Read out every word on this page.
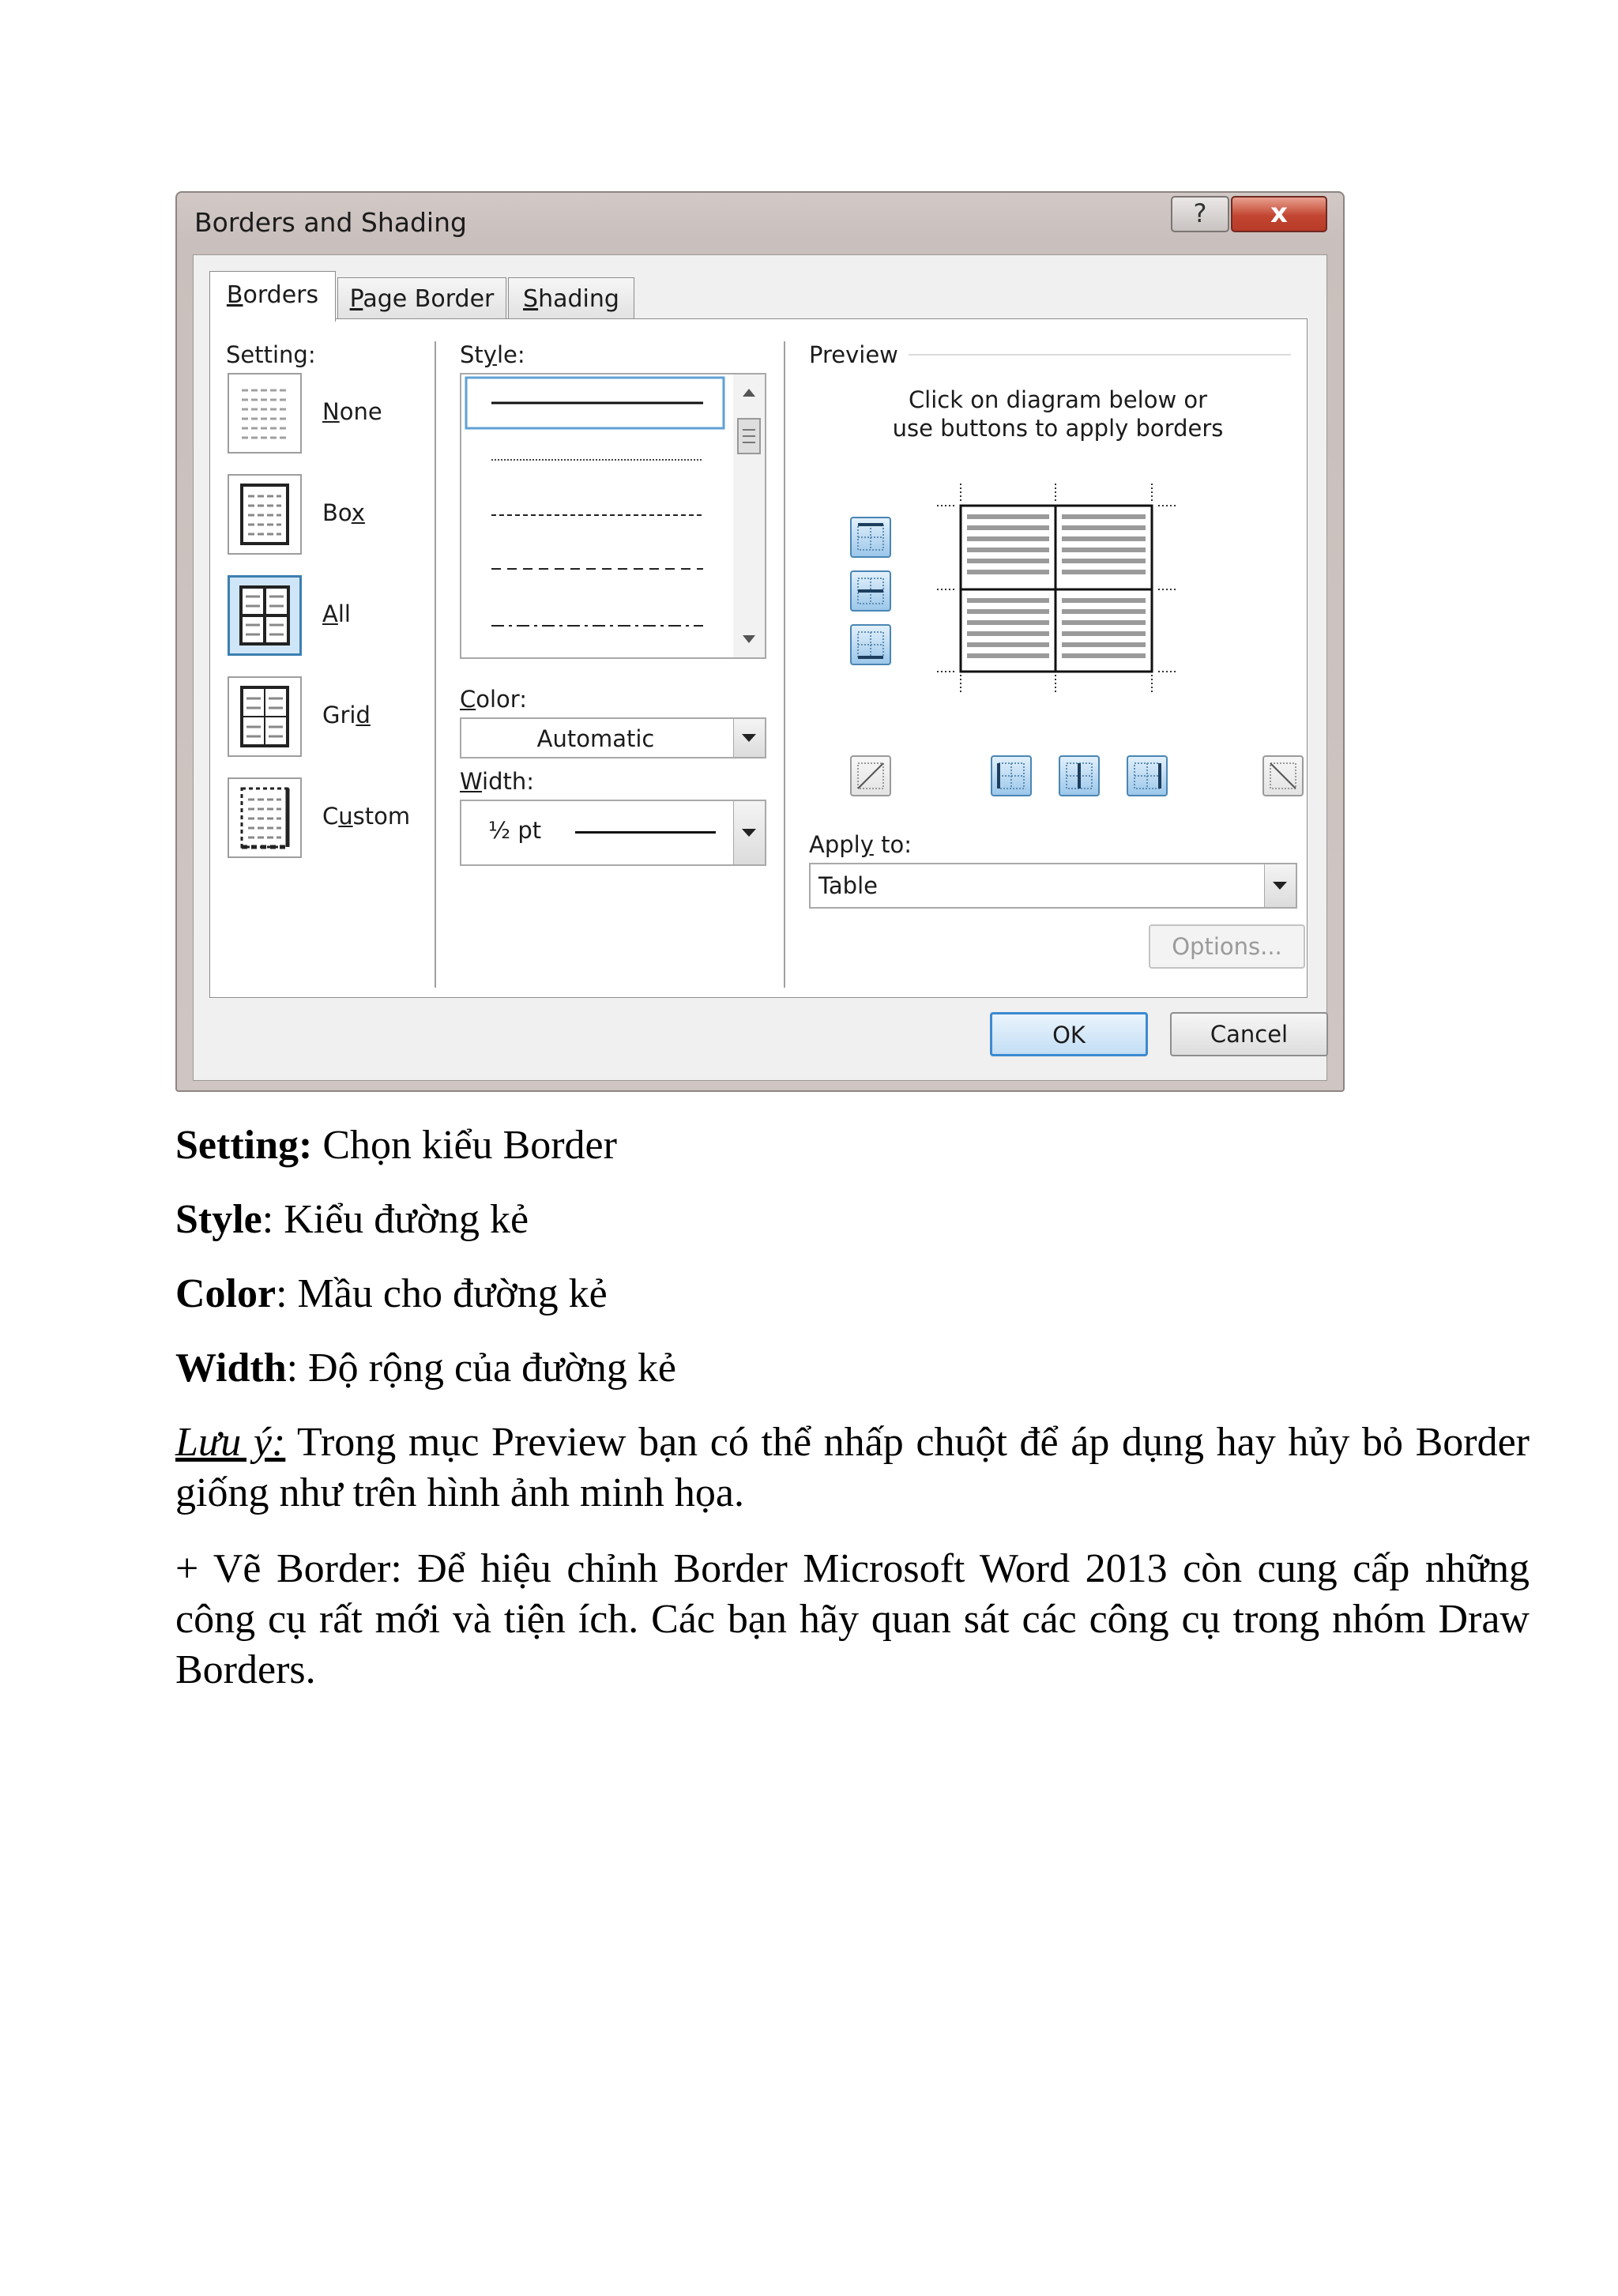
Borders and Shading	?	x
Borders	Page Border	Shading
Setting:
None
Box
All
Grid
Custom
Style:
Color:
Automatic
Width:
½ pt
Preview
Click on diagram below or
use buttons to apply borders
Apply to:
Table
Options...
OK	Cancel
Setting: Chọn kiểu Border
Style: Kiểu đường kẻ
Color: Mầu cho đường kẻ
Width: Độ rộng của đường kẻ
Lưu ý: Trong mục Preview bạn có thể nhấp chuột để áp dụng hay hủy bỏ Border giống như trên hình ảnh minh họa.
+ Vẽ Border: Để hiệu chỉnh Border Microsoft Word 2013 còn cung cấp những công cụ rất mới và tiện ích. Các bạn hãy quan sát các công cụ trong nhóm Draw Borders.
